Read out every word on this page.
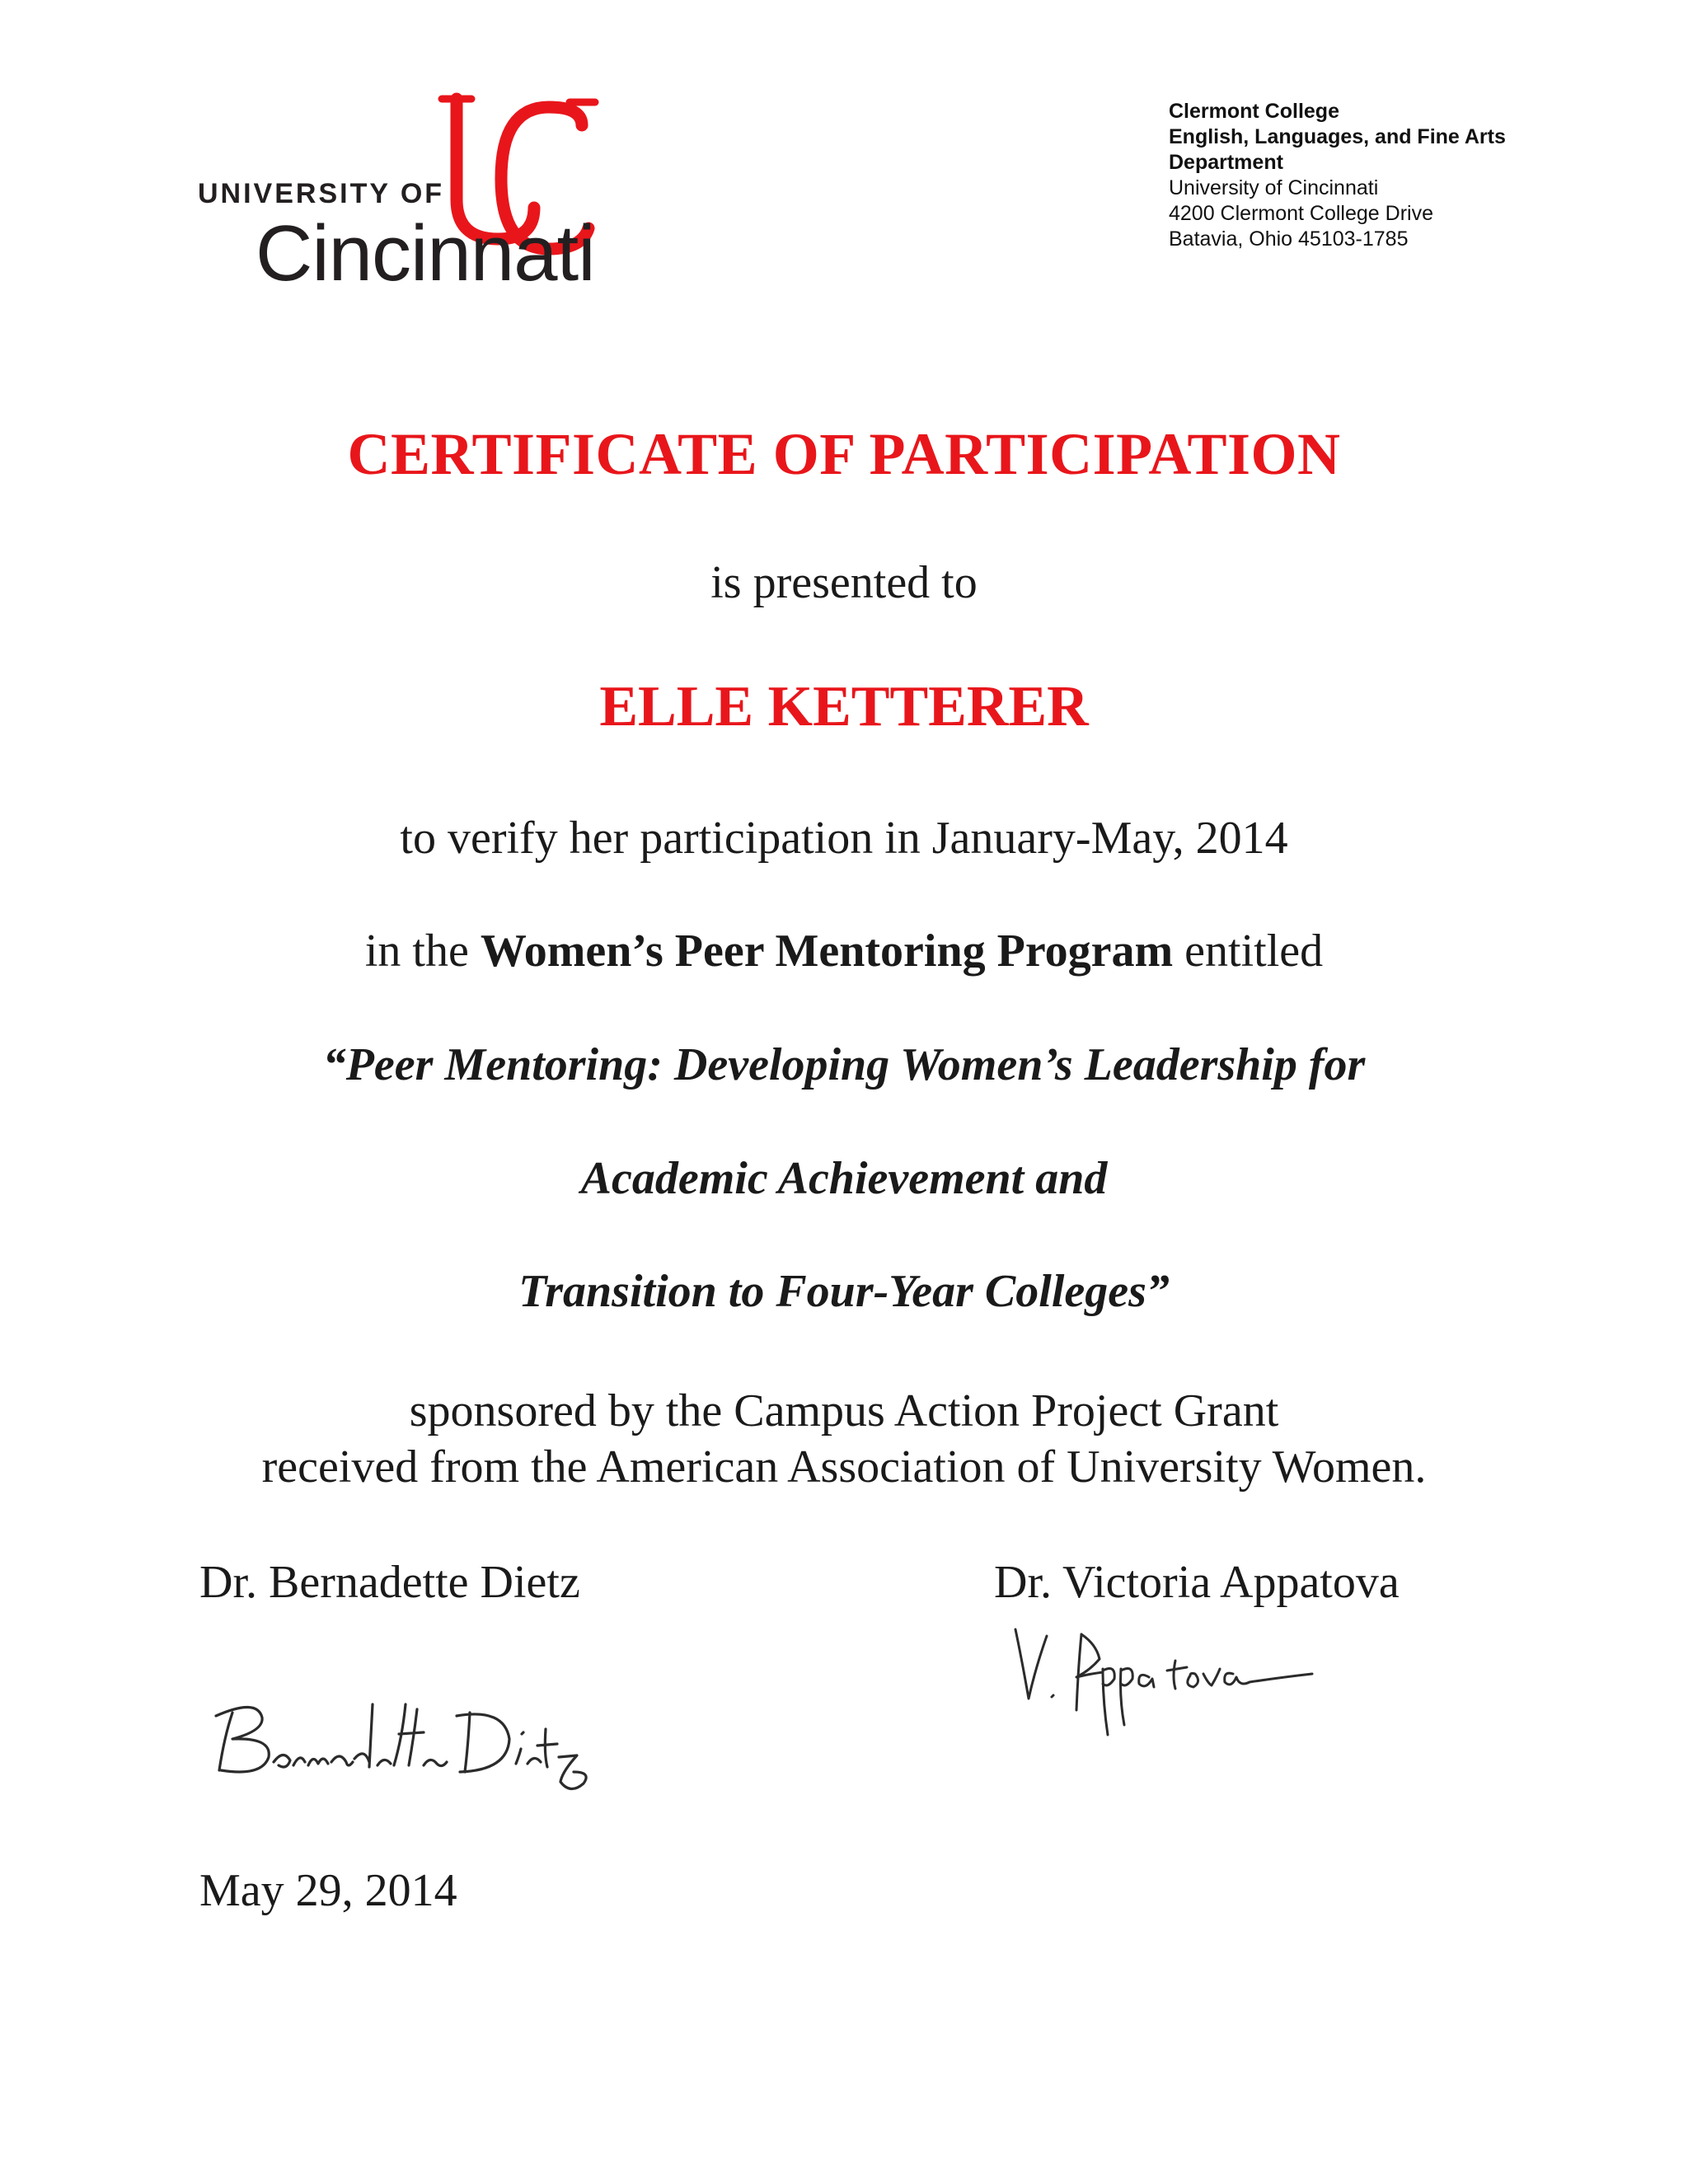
UNIVERSITY OF
Cincinnati
Clermont College
English, Languages, and Fine Arts
Department
University of Cincinnati
4200 Clermont College Drive
Batavia, Ohio 45103-1785
CERTIFICATE OF PARTICIPATION
is presented to
ELLE KETTERER
to verify her participation in January-May, 2014
in the Women’s Peer Mentoring Program entitled
“Peer Mentoring: Developing Women’s Leadership for
Academic Achievement and
Transition to Four-Year Colleges”
sponsored by the Campus Action Project Grant
received from the American Association of University Women.
Dr. Bernadette Dietz	Dr. Victoria Appatova
May 29, 2014
